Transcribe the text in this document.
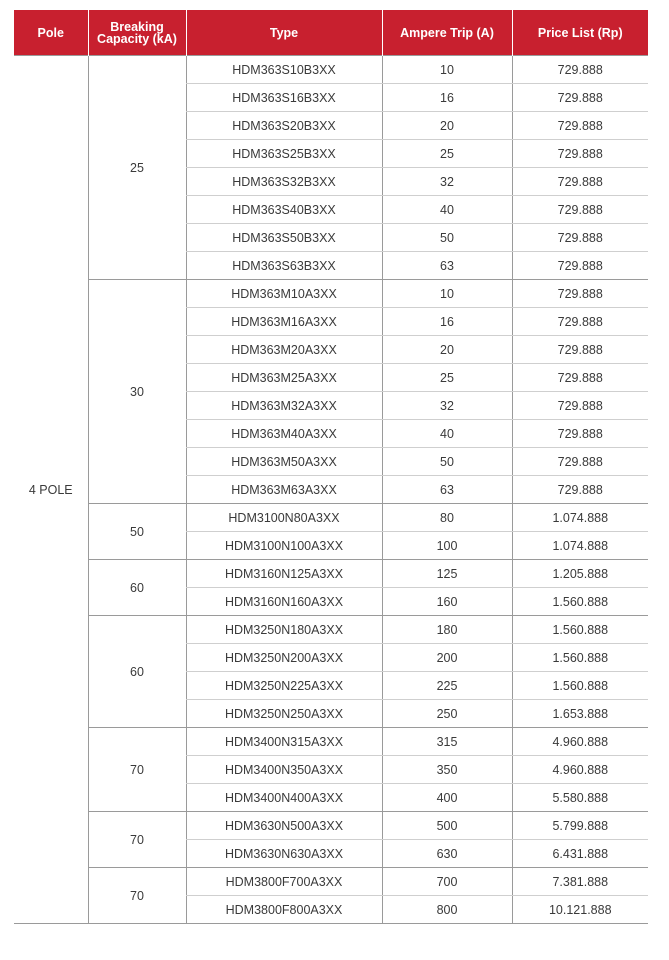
Pole	Breaking Capacity (kA)	Type	Ampere Trip (A)	Price List (Rp)
4 POLE	25	HDM363S10B3XX	10	729.888
		HDM363S16B3XX	16	729.888
		HDM363S20B3XX	20	729.888
		HDM363S25B3XX	25	729.888
		HDM363S32B3XX	32	729.888
		HDM363S40B3XX	40	729.888
		HDM363S50B3XX	50	729.888
		HDM363S63B3XX	63	729.888
	30	HDM363M10A3XX	10	729.888
		HDM363M16A3XX	16	729.888
		HDM363M20A3XX	20	729.888
		HDM363M25A3XX	25	729.888
		HDM363M32A3XX	32	729.888
		HDM363M40A3XX	40	729.888
		HDM363M50A3XX	50	729.888
		HDM363M63A3XX	63	729.888
	50	HDM3100N80A3XX	80	1.074.888
		HDM3100N100A3XX	100	1.074.888
	60	HDM3160N125A3XX	125	1.205.888
		HDM3160N160A3XX	160	1.560.888
	60	HDM3250N180A3XX	180	1.560.888
		HDM3250N200A3XX	200	1.560.888
		HDM3250N225A3XX	225	1.560.888
		HDM3250N250A3XX	250	1.653.888
	70	HDM3400N315A3XX	315	4.960.888
		HDM3400N350A3XX	350	4.960.888
		HDM3400N400A3XX	400	5.580.888
	70	HDM3630N500A3XX	500	5.799.888
		HDM3630N630A3XX	630	6.431.888
	70	HDM3800F700A3XX	700	7.381.888
		HDM3800F800A3XX	800	10.121.888
